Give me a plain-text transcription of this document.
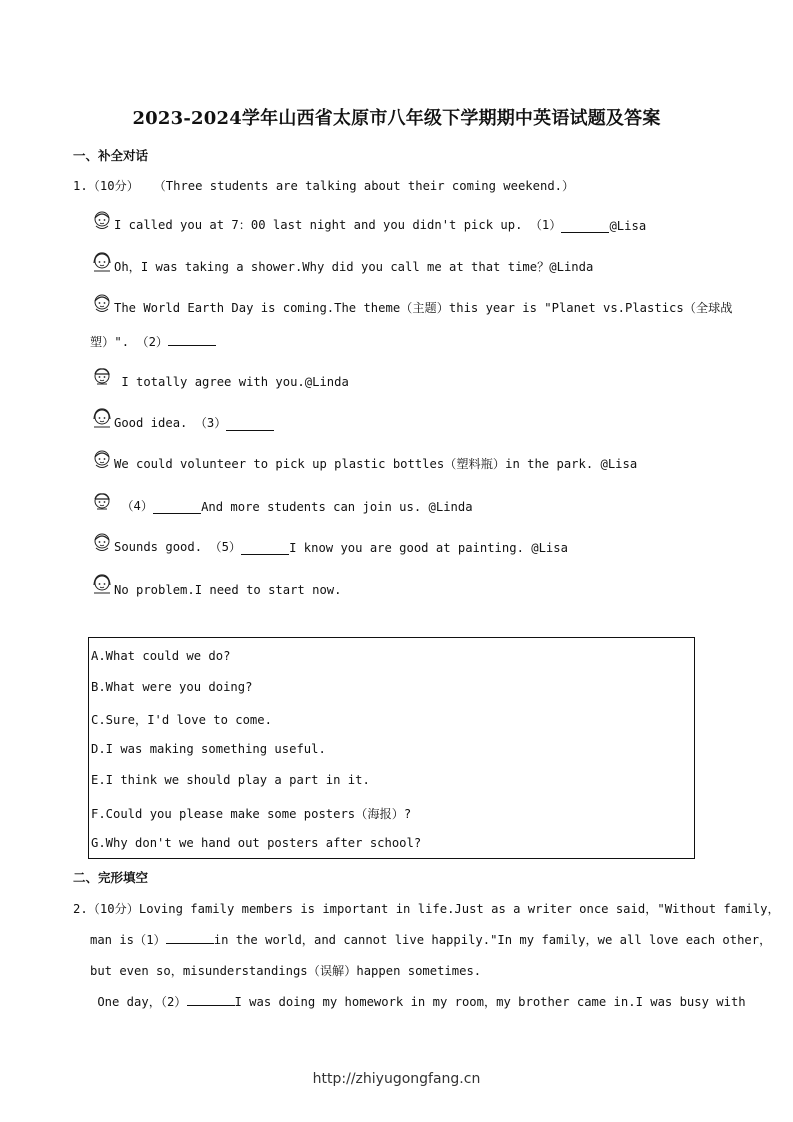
2023-2024学年山西省太原市八年级下学期期中英语试题及答案
一、补全对话
1.（10分）  （Three students are talking about their coming weekend.）
I called you at 7：00 last night and you didn't pick up. （1）	@Lisa
Oh，I was taking a shower.Why did you call me at that time？@Linda
The World Earth Day is coming.The theme（主题）this year is "Planet vs.Plastics（全球战
塑）". （2）
I totally agree with you.@Linda
Good idea. （3）
We could volunteer to pick up plastic bottles（塑料瓶）in the park. @Lisa
（4）	And more students can join us. @Linda
Sounds good. （5）	I know you are good at painting. @Lisa
No problem.I need to start now.
A.What could we do?
B.What were you doing?
C.Sure，I'd love to come.
D.I was making something useful.
E.I think we should play a part in it.
F.Could you please make some posters（海报）?
G.Why don't we hand out posters after school?
二、完形填空
2.（10分）Loving family members is important in life.Just as a writer once said，"Without family，
man is（1）	in the world，and cannot live happily."In my family，we all love each other，
but even so，misunderstandings（误解）happen sometimes.
One day，（2）	I was doing my homework in my room，my brother came in.I was busy with
http://zhiyugongfang.cn
